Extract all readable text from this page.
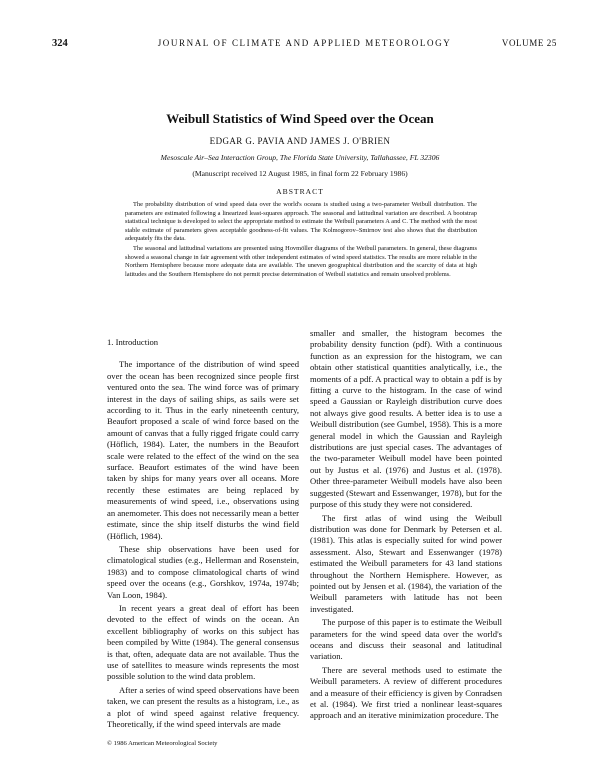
324	JOURNAL OF CLIMATE AND APPLIED METEOROLOGY	VOLUME 25
Weibull Statistics of Wind Speed over the Ocean
EDGAR G. PAVIA AND JAMES J. O'BRIEN
Mesoscale Air–Sea Interaction Group, The Florida State University, Tallahassee, FL 32306
(Manuscript received 12 August 1985, in final form 22 February 1986)
ABSTRACT

The probability distribution of wind speed data over the world's oceans is studied using a two-parameter Weibull distribution. The parameters are estimated following a linearized least-squares approach. The seasonal and latitudinal variation are described. A bootstrap statistical technique is developed to select the appropriate method to estimate the Weibull parameters A and C. The method with the most stable estimate of parameters gives acceptable goodness-of-fit values. The Kolmogorov–Smirnov test also shows that the distribution adequately fits the data.

The seasonal and latitudinal variations are presented using Hovmöller diagrams of the Weibull parameters. In general, these diagrams showed a seasonal change in fair agreement with other independent estimates of wind speed statistics. The results are more reliable in the Northern Hemisphere because more adequate data are available. The uneven geographical distribution and the scarcity of data at high latitudes and the Southern Hemisphere do not permit precise determination of Weibull statistics and remain unsolved problems.

1. Introduction

The importance of the distribution of wind speed over the ocean has been recognized since people first ventured onto the sea. The wind force was of primary interest in the days of sailing ships, as sails were set according to it. Thus in the early nineteenth century, Beaufort proposed a scale of wind force based on the amount of canvas that a fully rigged frigate could carry (Höflich, 1984). Later, the numbers in the Beaufort scale were related to the effect of the wind on the sea surface. Beaufort estimates of the wind have been taken by ships for many years over all oceans. More recently these estimates are being replaced by measurements of wind speed, i.e., observations using an anemometer. This does not necessarily mean a better estimate, since the ship itself disturbs the wind field (Höflich, 1984).

These ship observations have been used for climatological studies (e.g., Hellerman and Rosenstein, 1983) and to compose climatological charts of wind speed over the oceans (e.g., Gorshkov, 1974a, 1974b; Van Loon, 1984).

In recent years a great deal of effort has been devoted to the effect of winds on the ocean. An excellent bibliography of works on this subject has been compiled by Witte (1984). The general consensus is that, often, adequate data are not available. Thus the use of satellites to measure winds represents the most possible solution to the wind data problem.

After a series of wind speed observations have been taken, we can present the results as a histogram, i.e., as a plot of wind speed against relative frequency. Theoretically, if the wind speed intervals are made

smaller and smaller, the histogram becomes the probability density function (pdf). With a continuous function as an expression for the histogram, we can obtain other statistical quantities analytically, i.e., the moments of a pdf. A practical way to obtain a pdf is by fitting a curve to the histogram. In the case of wind speed a Gaussian or Rayleigh distribution curve does not always give good results. A better idea is to use a Weibull distribution (see Gumbel, 1958). This is a more general model in which the Gaussian and Rayleigh distributions are just special cases. The advantages of the two-parameter Weibull model have been pointed out by Justus et al. (1976) and Justus et al. (1978). Other three-parameter Weibull models have also been suggested (Stewart and Essenwanger, 1978), but for the purpose of this study they were not considered.

The first atlas of wind using the Weibull distribution was done for Denmark by Petersen et al. (1981). This atlas is especially suited for wind power assessment. Also, Stewart and Essenwanger (1978) estimated the Weibull parameters for 43 land stations throughout the Northern Hemisphere. However, as pointed out by Jensen et al. (1984), the variation of the Weibull parameters with latitude has not been investigated.

The purpose of this paper is to estimate the Weibull parameters for the wind speed data over the world's oceans and discuss their seasonal and latitudinal variation.

There are several methods used to estimate the Weibull parameters. A review of different procedures and a measure of their efficiency is given by Conradsen et al. (1984). We first tried a nonlinear least-squares approach and an iterative minimization procedure. The

© 1986 American Meteorological Society
